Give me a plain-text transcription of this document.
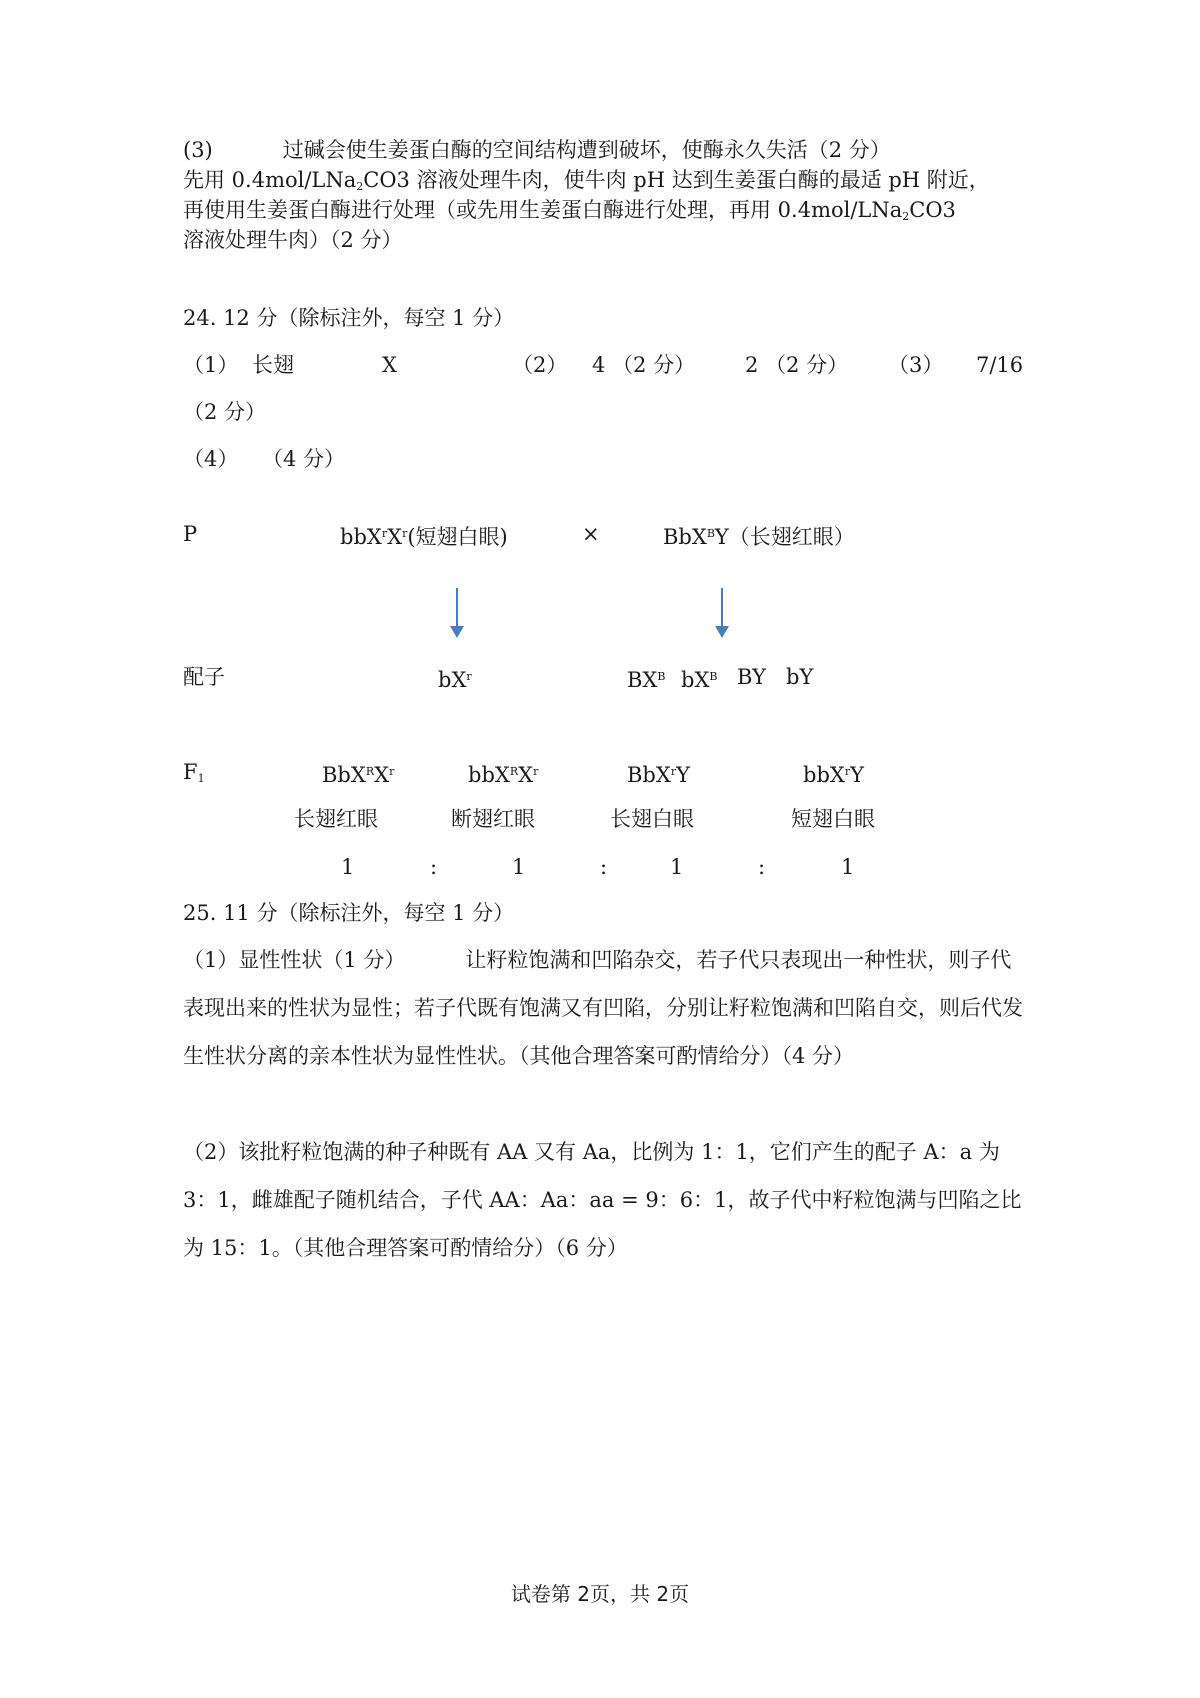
(3)	过碱会使生姜蛋白酶的空间结构遭到破坏，使酶永久失活（2 分）
先用 0.4mol/LNa$_2$CO3 溶液处理牛肉，使牛肉 pH 达到生姜蛋白酶的最适 pH 附近，
再使用生姜蛋白酶进行处理（或先用生姜蛋白酶进行处理，再用 0.4mol/LNa$_2$CO3
溶液处理牛肉）（2 分）
24. 12 分（除标注外，每空 1 分）
（1） 长翅	X	（2） 4 （2 分） 2 （2 分） （3） 7/16
（2 分）
（4） （4 分）
P	$bbX^rX^r$(短翅白眼)	×	BbX$^B$Y（长翅红眼）
配子	$bX^r$	$BX^B$ $bX^B$ BY bY
$F_1$	$BbX^RX^r$	$bbX^RX^r$	BbX$^r$Y	bbX$^r$Y
长翅红眼	断翅红眼	长翅白眼	短翅白眼
1	:	1	:	1	:	1
25. 11 分（除标注外，每空 1 分）
（1）显性性状（1 分）	让籽粒饱满和凹陷杂交，若子代只表现出一种性状，则子代表现出来的性状为显性；若子代既有饱满又有凹陷，分别让籽粒饱满和凹陷自交，则后代发生性状分离的亲本性状为显性性状。（其他合理答案可酌情给分）（4 分）
（2）该批籽粒饱满的种子种既有 AA 又有 Aa，比例为 1：1，它们产生的配子 A：a 为 3：1，雌雄配子随机结合，子代 AA：Aa：aa = 9：6：1，故子代中籽粒饱满与凹陷之比为 15：1。（其他合理答案可酌情给分）（6 分）
试卷第 2页，共 2页
